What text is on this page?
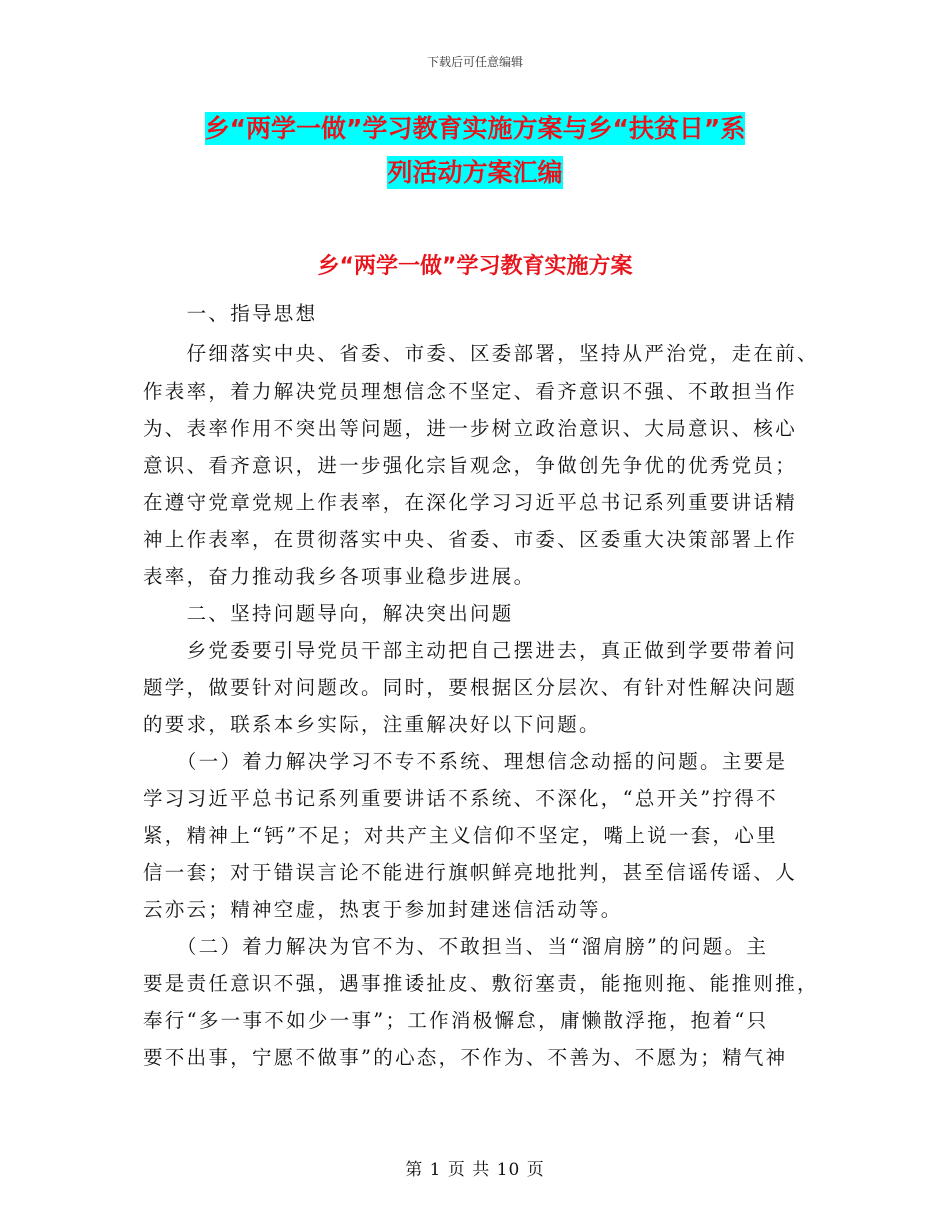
下载后可任意编辑
乡“两学一做”学习教育实施方案与乡“扶贫日”系
列活动方案汇编
乡“两学一做”学习教育实施方案
　　一、指导思想
　　仔细落实中央、省委、市委、区委部署，坚持从严治党，走在前、
作表率，着力解决党员理想信念不坚定、看齐意识不强、不敢担当作
为、表率作用不突出等问题，进一步树立政治意识、大局意识、核心
意识、看齐意识，进一步强化宗旨观念，争做创先争优的优秀党员；
在遵守党章党规上作表率，在深化学习习近平总书记系列重要讲话精
神上作表率，在贯彻落实中央、省委、市委、区委重大决策部署上作
表率，奋力推动我乡各项事业稳步进展。
　　二、坚持问题导向，解决突出问题
　　乡党委要引导党员干部主动把自己摆进去，真正做到学要带着问
题学，做要针对问题改。同时，要根据区分层次、有针对性解决问题
的要求，联系本乡实际，注重解决好以下问题。
　　（一）着力解决学习不专不系统、理想信念动摇的问题。主要是
学习习近平总书记系列重要讲话不系统、不深化，“总开关”拧得不
紧，精神上“钙”不足；对共产主义信仰不坚定，嘴上说一套，心里
信一套；对于错误言论不能进行旗帜鲜亮地批判，甚至信谣传谣、人
云亦云；精神空虚，热衷于参加封建迷信活动等。
　　（二）着力解决为官不为、不敢担当、当“溜肩膀”的问题。主
要是责任意识不强，遇事推诿扯皮、敷衍塞责，能拖则拖、能推则推，
奉行“多一事不如少一事”；工作消极懈怠，庸懒散浮拖，抱着“只
要不出事，宁愿不做事”的心态，不作为、不善为、不愿为；精气神
第 1 页 共 10 页
